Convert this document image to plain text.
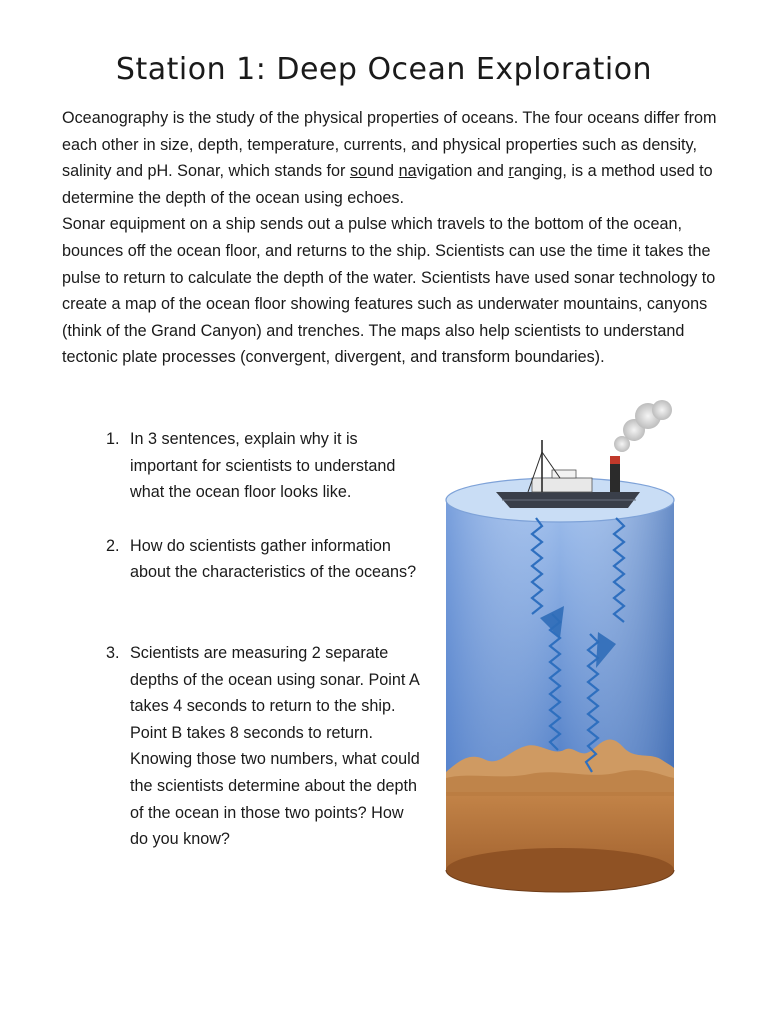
Station 1: Deep Ocean Exploration

Oceanography is the study of the physical properties of oceans. The four oceans differ from each other in size, depth, temperature, currents, and physical properties such as density, salinity and pH. Sonar, which stands for sound navigation and ranging, is a method used to determine the depth of the ocean using echoes.

Sonar equipment on a ship sends out a pulse which travels to the bottom of the ocean, bounces off the ocean floor, and returns to the ship. Scientists can use the time it takes the pulse to return to calculate the depth of the water. Scientists have used sonar technology to create a map of the ocean floor showing features such as underwater mountains, canyons (think of the Grand Canyon) and trenches. The maps also help scientists to understand tectonic plate processes (convergent, divergent, and transform boundaries).

1. In 3 sentences, explain why it is important for scientists to understand what the ocean floor looks like.
2. How do scientists gather information about the characteristics of the oceans?
3. Scientists are measuring 2 separate depths of the ocean using sonar. Point A takes 4 seconds to return to the ship. Point B takes 8 seconds to return. Knowing those two numbers, what could the scientists determine about the depth of the ocean in those two points? How do you know?
